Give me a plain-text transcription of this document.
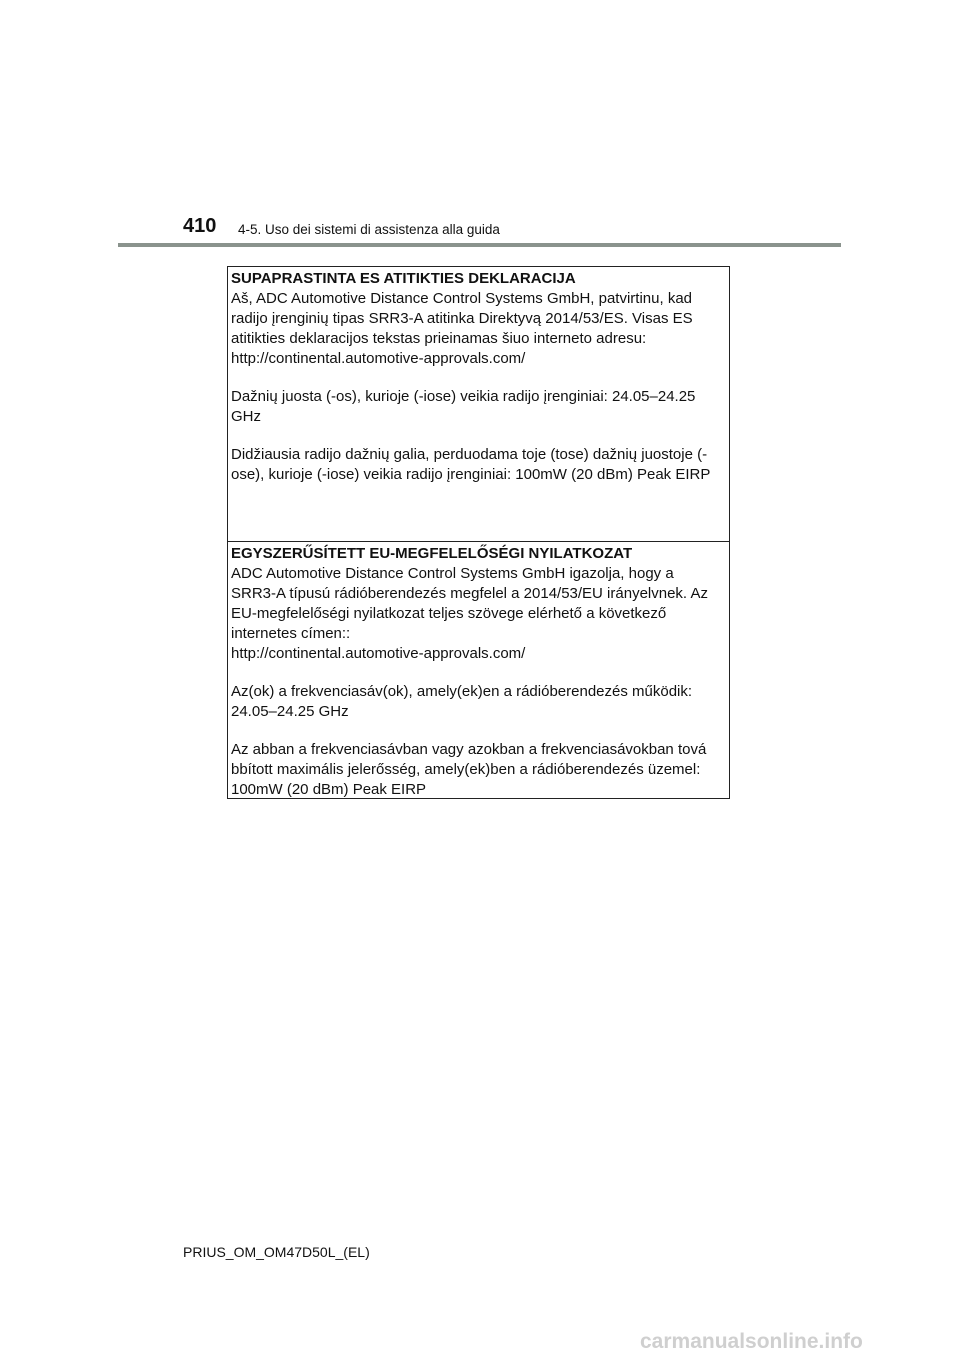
410 4-5. Uso dei sistemi di assistenza alla guida
SUPAPRASTINTA ES ATITIKTIES DEKLARACIJA

Aš, ADC Automotive Distance Control Systems GmbH, patvirtinu, kad
radijo įrenginių tipas SRR3-A atitinka Direktyvą 2014/53/ES. Visas ES
atitikties deklaracijos tekstas prieinamas šiuo interneto adresu:
http://continental.automotive-approvals.com/

Dažnių juosta (-os), kurioje (-iose) veikia radijo įrenginiai: 24.05–24.25
GHz

Didžiausia radijo dažnių galia, perduodama toje (tose) dažnių juostoje (-
ose), kurioje (-iose) veikia radijo įrenginiai: 100mW (20 dBm) Peak EIRP

EGYSZERŰSÍTETT EU-MEGFELELŐSÉGI NYILATKOZAT

ADC Automotive Distance Control Systems GmbH igazolja, hogy a
SRR3-A típusú rádióberendezés megfelel a 2014/53/EU irányelvnek. Az
EU-megfelelőségi nyilatkozat teljes szövege elérhető a következő
internetes címen::
http://continental.automotive-approvals.com/

Az(ok) a frekvenciasáv(ok), amely(ek)en a rádióberendezés működik:
24.05–24.25 GHz

Az abban a frekvenciasávban vagy azokban a frekvenciasávokban tová
bbított maximális jelerősség, amely(ek)ben a rádióberendezés üzemel:
100mW (20 dBm) Peak EIRP

PRIUS_OM_OM47D50L_(EL)
carmanualsonline.info
